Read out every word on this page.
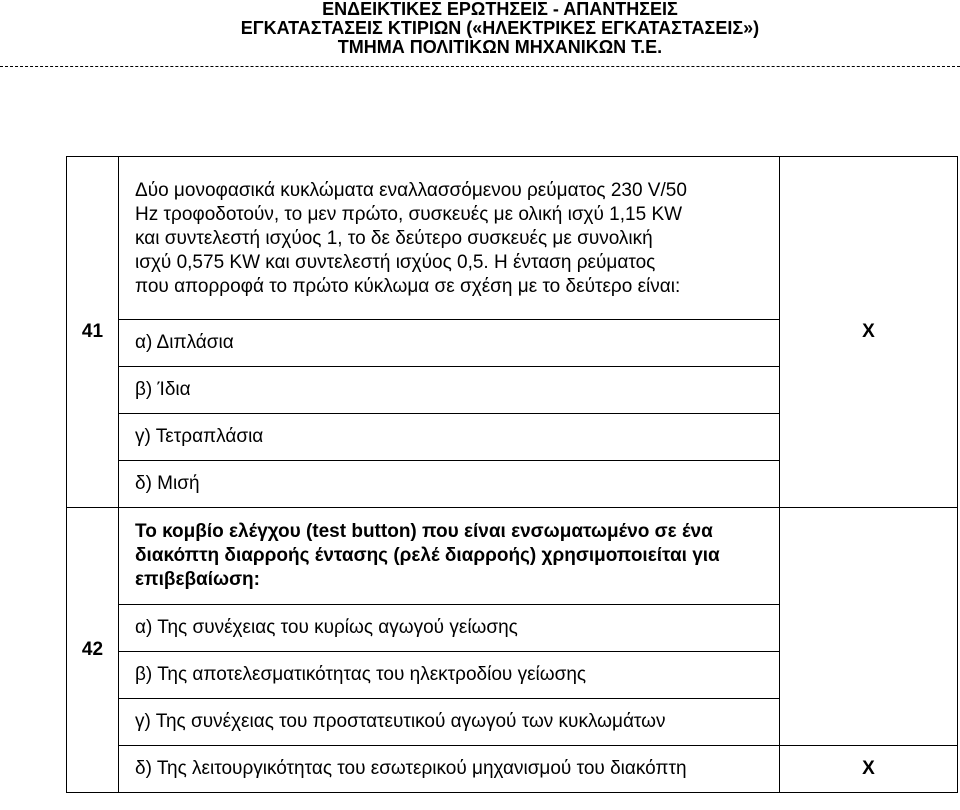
ΕΝΔΕΙΚΤΙΚΕΣ ΕΡΩΤΗΣΕΙΣ - ΑΠΑΝΤΗΣΕΙΣ
ΕΓΚΑΤΑΣΤΑΣΕΙΣ ΚΤΙΡΙΩΝ («ΗΛΕΚΤΡΙΚΕΣ ΕΓΚΑΤΑΣΤΑΣΕΙΣ»)
ΤΜΗΜΑ ΠΟΛΙΤΙΚΩΝ ΜΗΧΑΝΙΚΩΝ Τ.Ε.
41	Δύο μονοφασικά κυκλώματα εναλλασσόμενου ρεύματος 230 V/50
Hz τροφοδοτούν, το μεν πρώτο, συσκευές με ολική ισχύ 1,15 KW
και συντελεστή ισχύος 1, το δε δεύτερο συσκευές με συνολική
ισχύ 0,575 KW και συντελεστή ισχύος 0,5. Η ένταση ρεύματος
που απορροφά το πρώτο κύκλωμα σε σχέση με το δεύτερο είναι:	X
	α) Διπλάσια	
	β) Ίδια	
	γ) Τετραπλάσια	
	δ) Μισή	
42	Το κομβίο ελέγχου (test button) που είναι ενσωματωμένο σε ένα
διακόπτη διαρροής έντασης (ρελέ διαρροής) χρησιμοποιείται για
επιβεβαίωση:	

	α) Της συνέχειας του κυρίως αγωγού γείωσης	
	β) Της αποτελεσματικότητας του ηλεκτροδίου γείωσης	
	γ) Της συνέχειας του προστατευτικού αγωγού των κυκλωμάτων	
	δ) Της λειτουργικότητας του εσωτερικού μηχανισμού του διακόπτη	X
